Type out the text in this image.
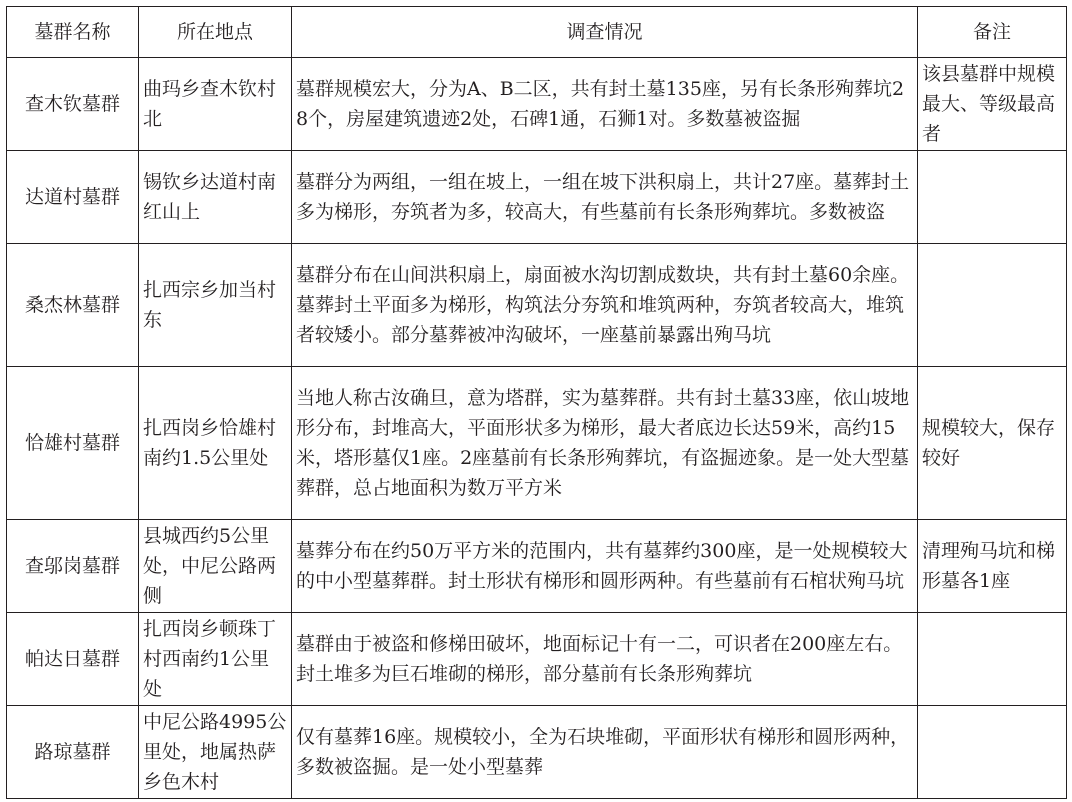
墓群名称	所在地点	调查情况	备注
查木钦墓群	曲玛乡查木钦村北	墓群规模宏大，分为A、B二区，共有封土墓135座，另有长条形殉葬坑28个，房屋建筑遗迹2处，石碑1通，石狮1对。多数墓被盗掘	该县墓群中规模最大、等级最高者
达道村墓群	锡钦乡达道村南红山上	墓群分为两组，一组在坡上，一组在坡下洪积扇上，共计27座。墓葬封土多为梯形，夯筑者为多，较高大，有些墓前有长条形殉葬坑。多数被盗	
桑杰林墓群	扎西宗乡加当村东	墓群分布在山间洪积扇上，扇面被水沟切割成数块，共有封土墓60余座。墓葬封土平面多为梯形，构筑法分夯筑和堆筑两种，夯筑者较高大，堆筑者较矮小。部分墓葬被冲沟破坏，一座墓前暴露出殉马坑	
恰雄村墓群	扎西岗乡恰雄村南约1.5公里处	当地人称古汝确旦，意为塔群，实为墓葬群。共有封土墓33座，依山坡地形分布，封堆高大，平面形状多为梯形，最大者底边长达59米，高约15米，塔形墓仅1座。2座墓前有长条形殉葬坑，有盗掘迹象。是一处大型墓葬群，总占地面积为数万平方米	规模较大，保存较好
查邬岗墓群	县城西约5公里处，中尼公路两侧	墓葬分布在约50万平方米的范围内，共有墓葬约300座，是一处规模较大的中小型墓葬群。封土形状有梯形和圆形两种。有些墓前有石棺状殉马坑	清理殉马坑和梯形墓各1座
帕达日墓群	扎西岗乡顿珠丁村西南约1公里处	墓群由于被盗和修梯田破坏，地面标记十有一二，可识者在200座左右。封土堆多为巨石堆砌的梯形，部分墓前有长条形殉葬坑	
路琼墓群	中尼公路4995公里处，地属热萨乡色木村	仅有墓葬16座。规模较小，全为石块堆砌，平面形状有梯形和圆形两种，多数被盗掘。是一处小型墓葬	
